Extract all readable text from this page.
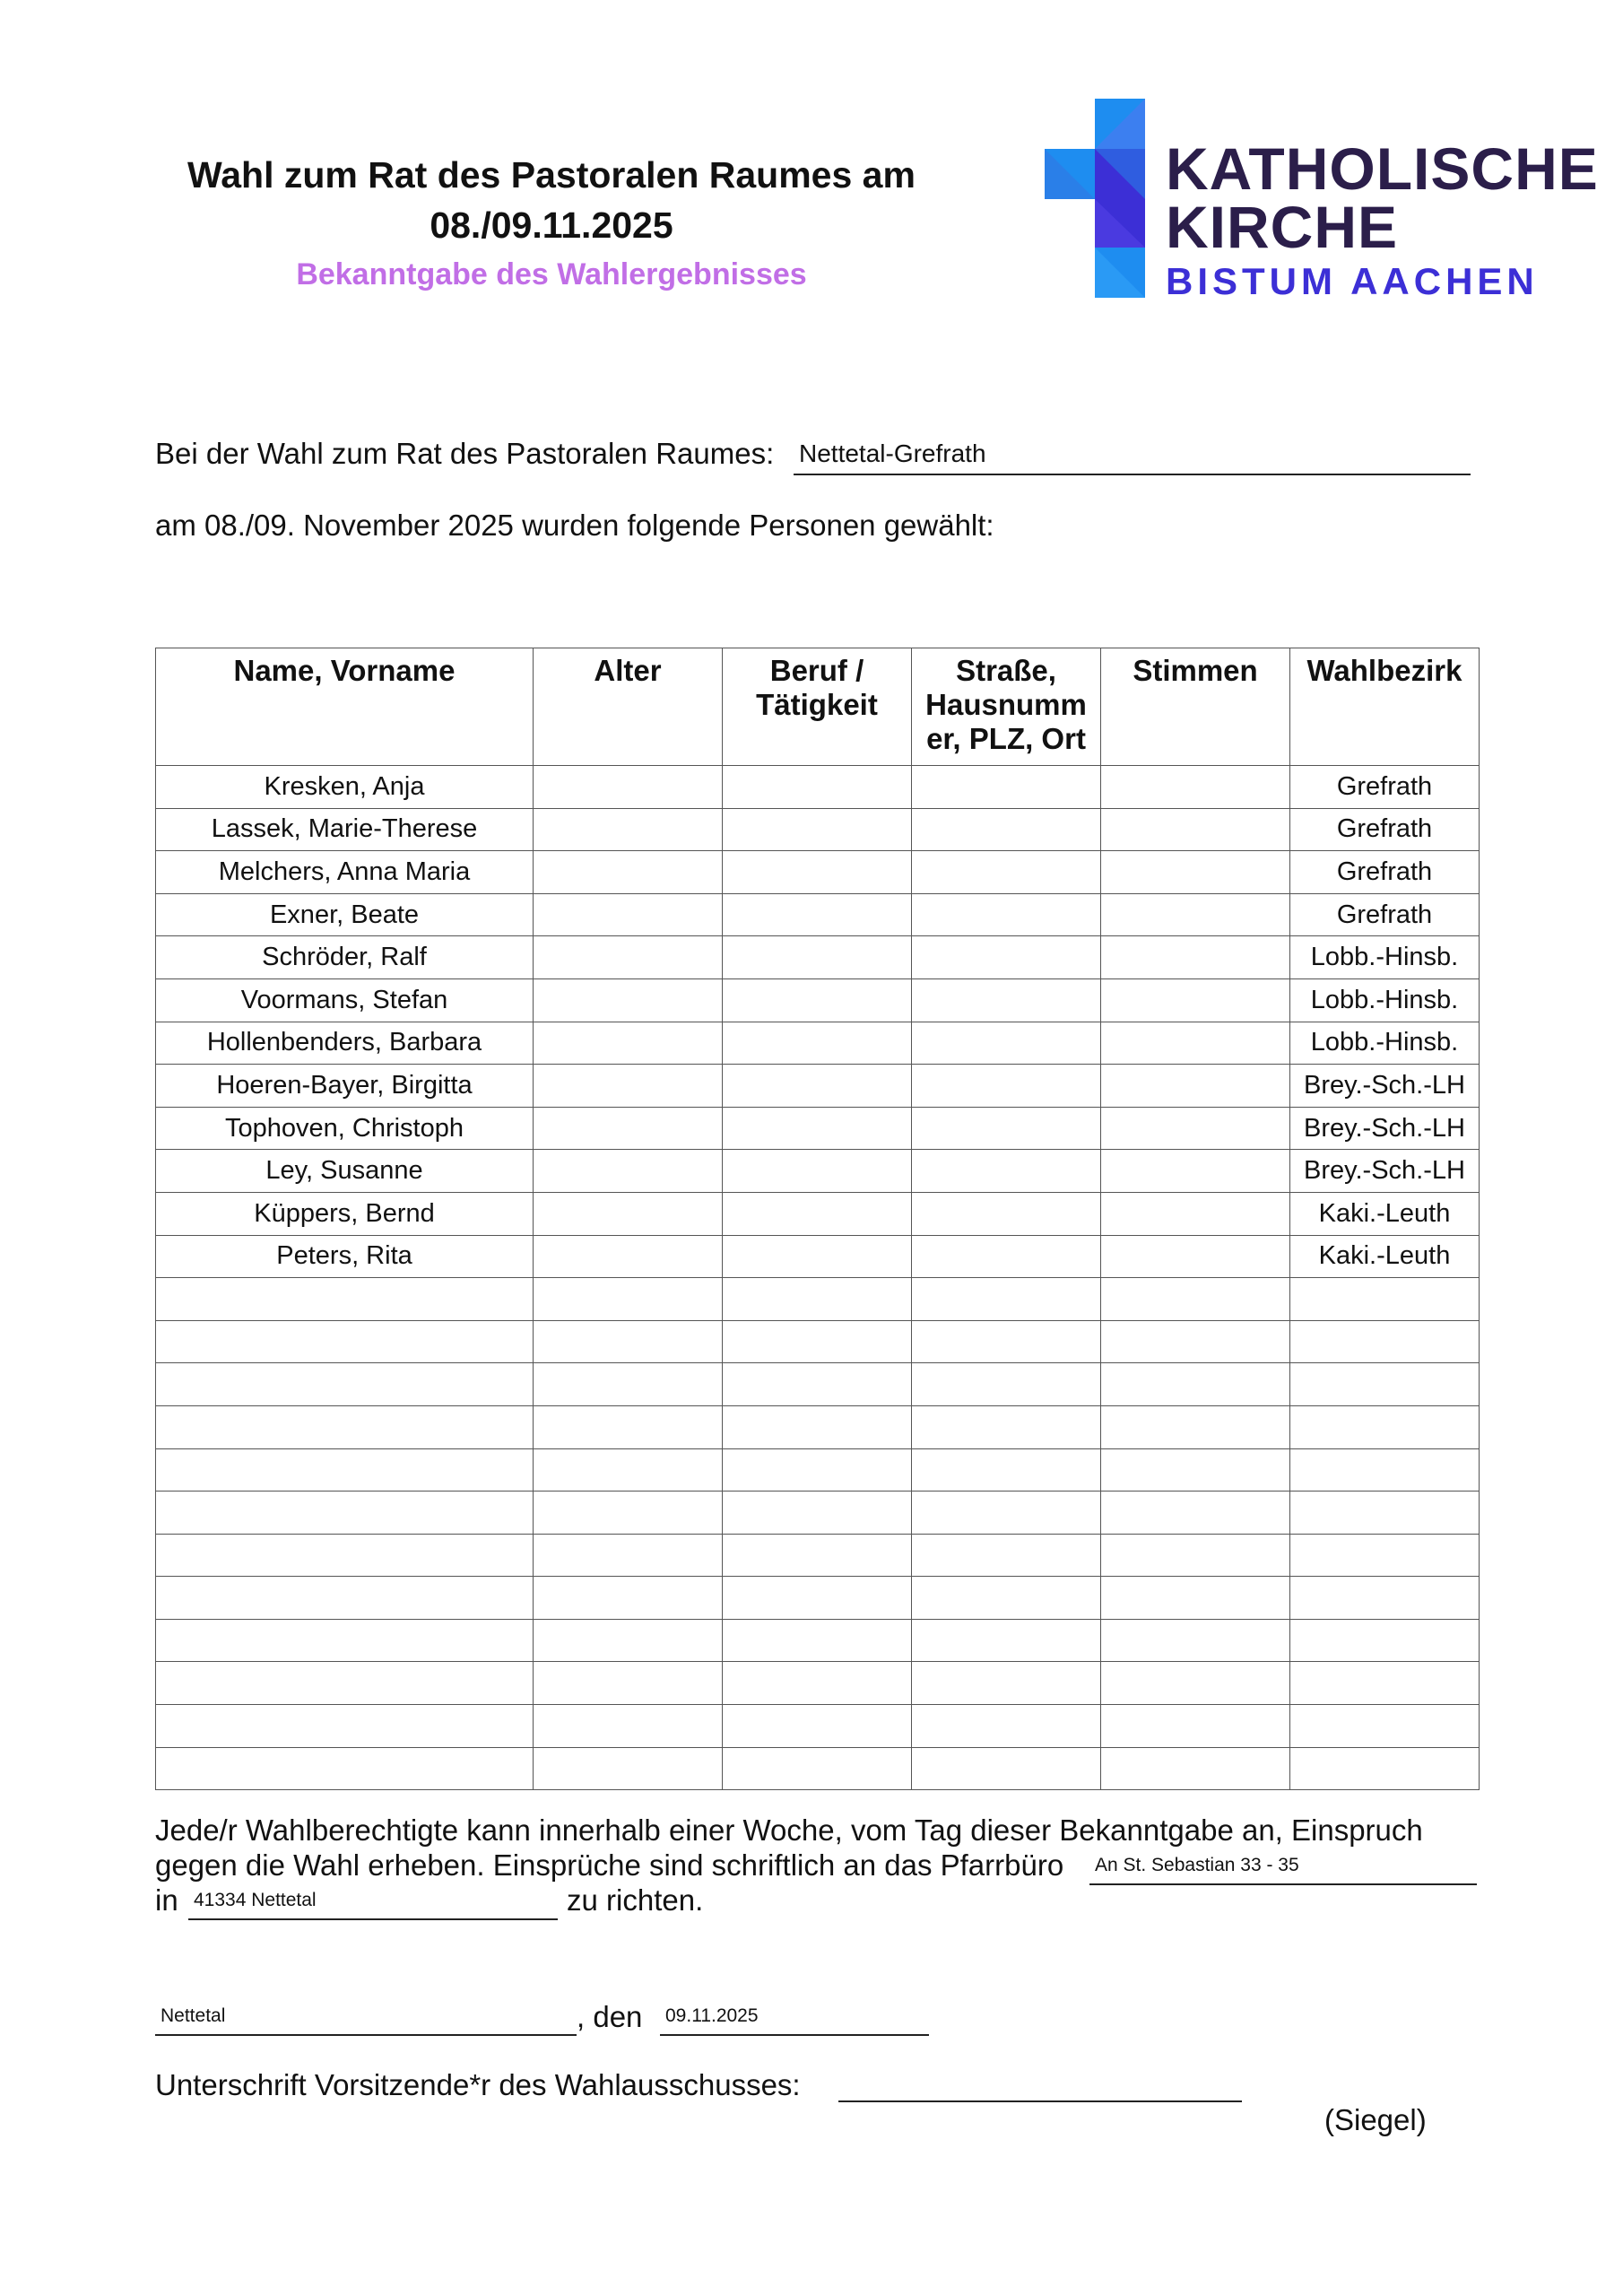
Wahl zum Rat des Pastoralen Raumes am
08./09.11.2025
Bekanntgabe des Wahlergebnisses
KATHOLISCHE
KIRCHE
BISTUM AACHEN
Bei der Wahl zum Rat des Pastoralen Raumes: Nettetal-Grefrath
am 08./09. November 2025 wurden folgende Personen gewählt:
Name, Vorname	Alter	Beruf / Tätigkeit	Straße, Hausnumm er, PLZ, Ort	Stimmen	Wahlbezirk
Kresken, Anja					Grefrath
Lassek, Marie-Therese					Grefrath
Melchers, Anna Maria					Grefrath
Exner, Beate					Grefrath
Schröder, Ralf					Lobb.-Hinsb.
Voormans, Stefan					Lobb.-Hinsb.
Hollenbenders, Barbara					Lobb.-Hinsb.
Hoeren-Bayer, Birgitta					Brey.-Sch.-LH
Tophoven, Christoph					Brey.-Sch.-LH
Ley, Susanne					Brey.-Sch.-LH
Küppers, Bernd					Kaki.-Leuth
Peters, Rita					Kaki.-Leuth

Jede/r Wahlberechtigte kann innerhalb einer Woche, vom Tag dieser Bekanntgabe an, Einspruch
gegen die Wahl erheben. Einsprüche sind schriftlich an das Pfarrbüro An St. Sebastian 33 - 35
in 41334 Nettetal	zu richten.
Nettetal	, den 09.11.2025
Unterschrift Vorsitzende*r des Wahlausschusses:
(Siegel)
